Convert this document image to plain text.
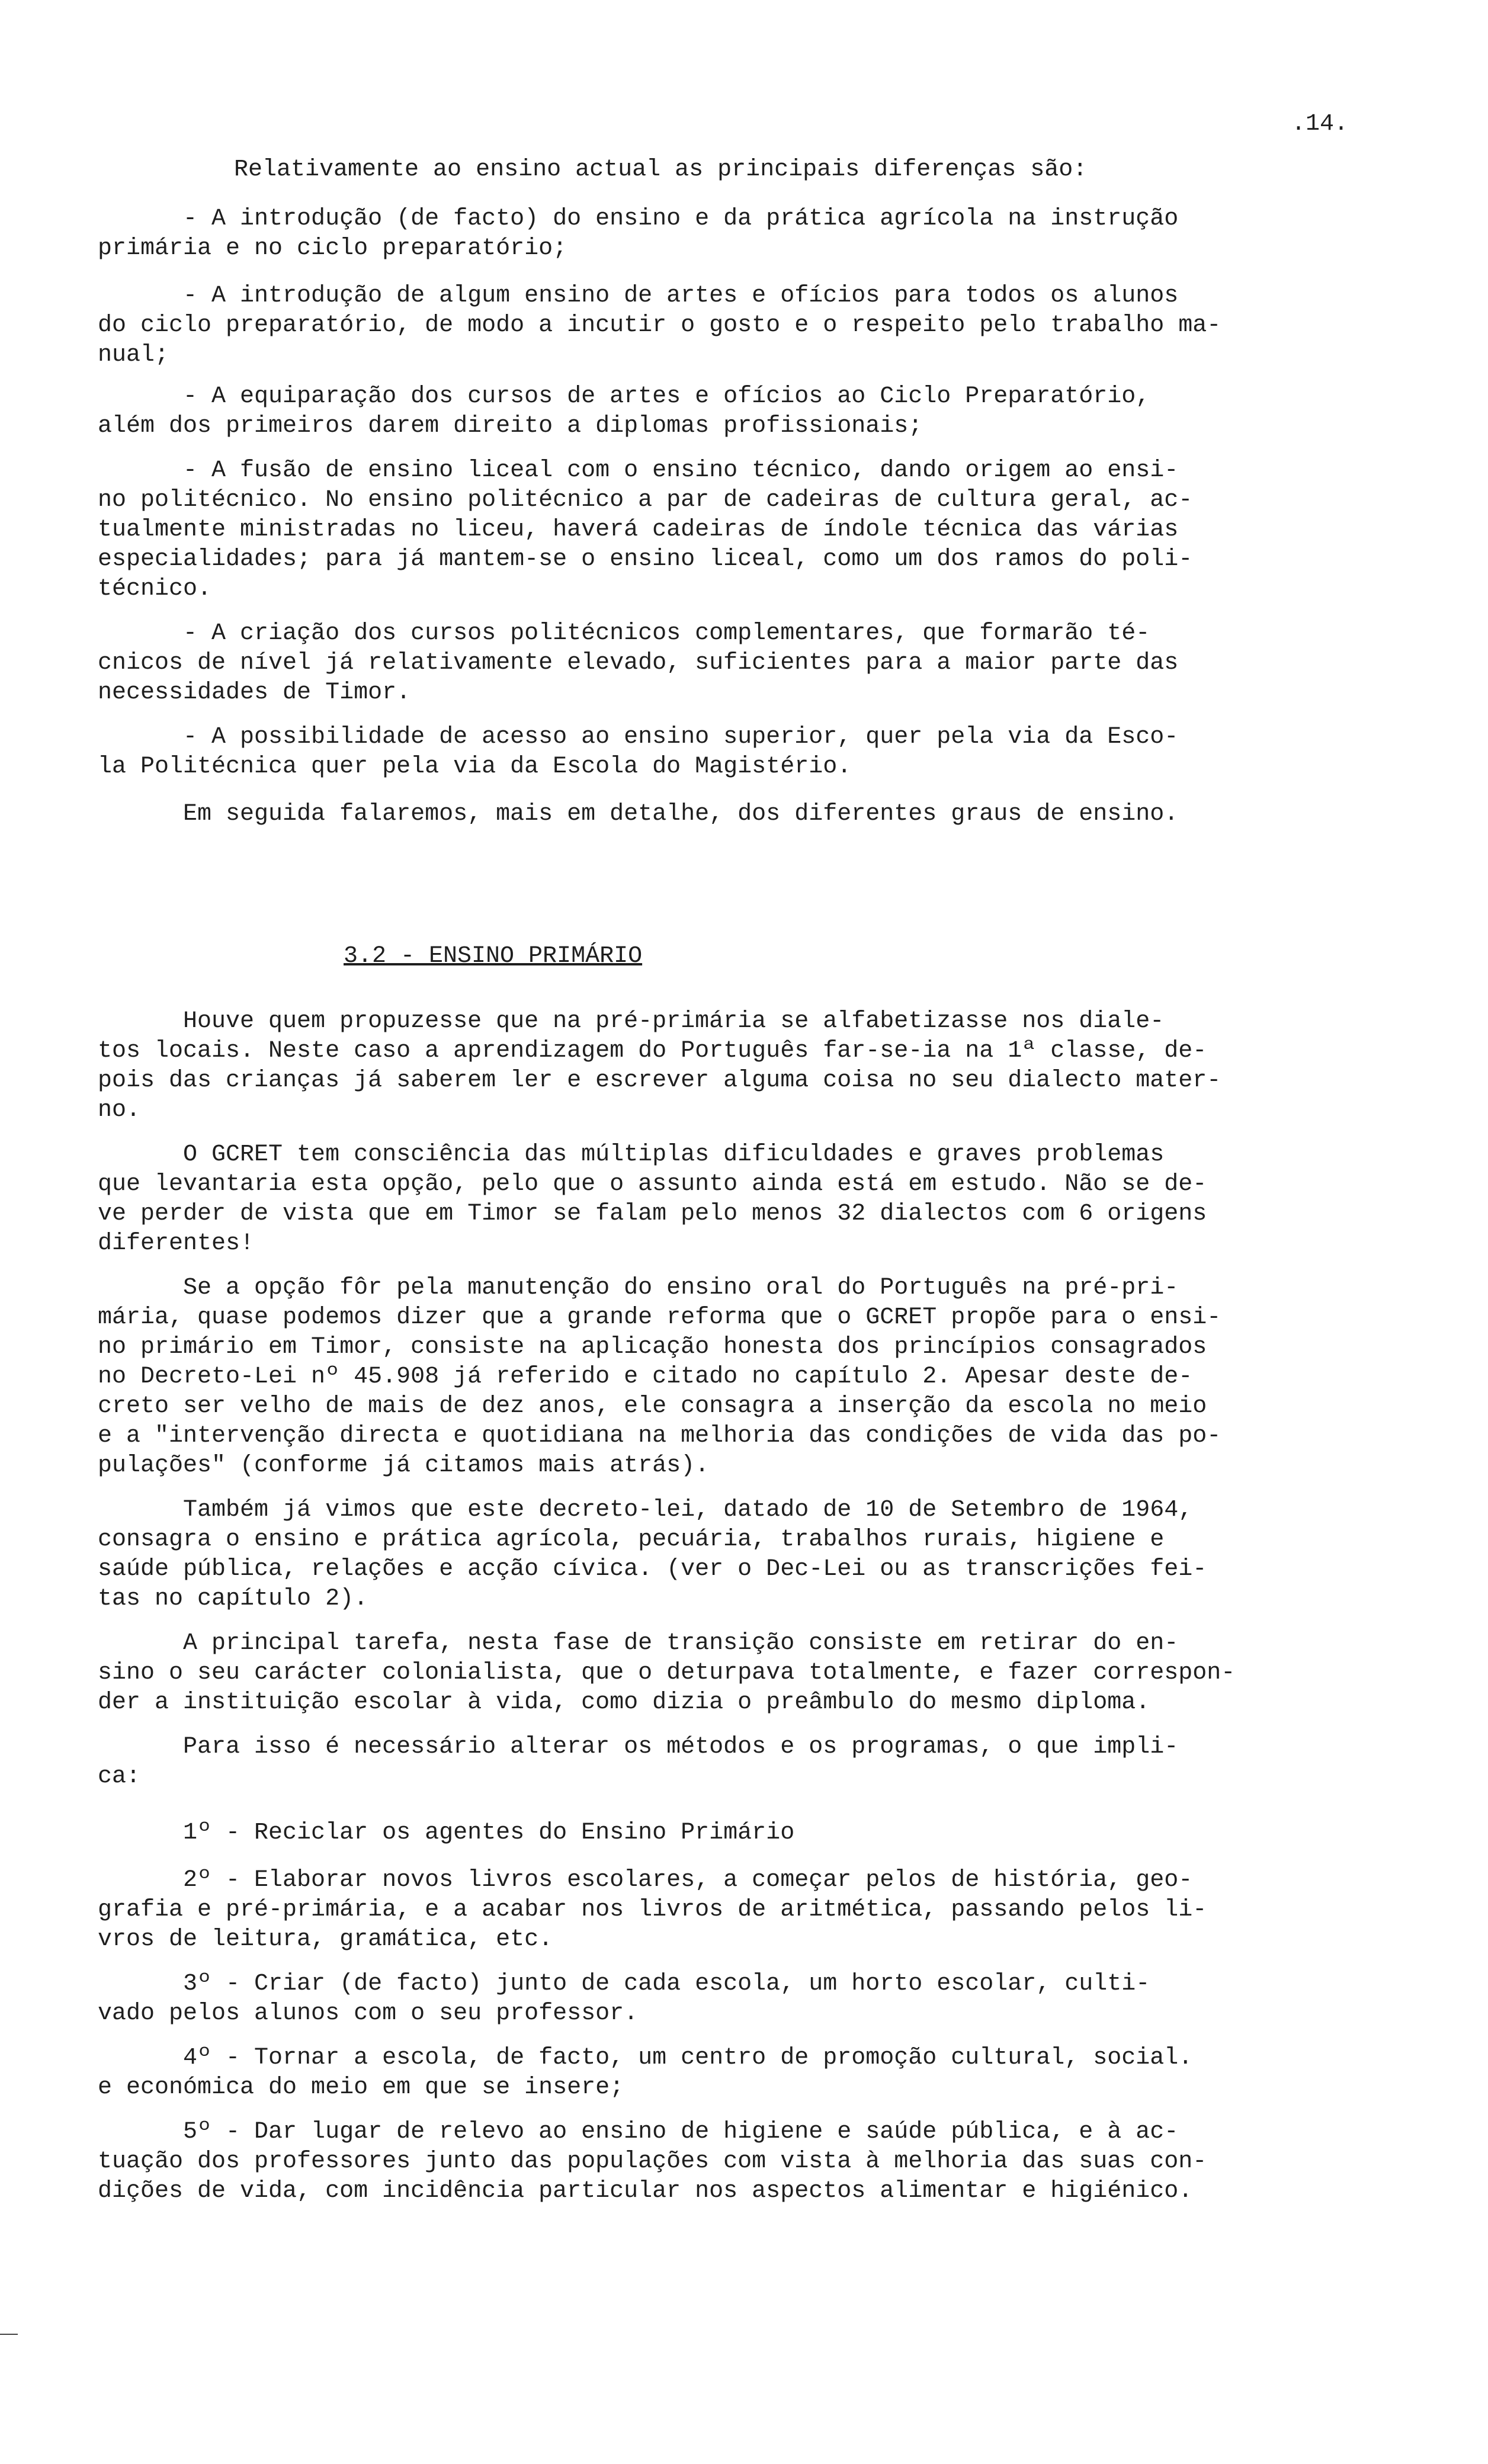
.14.
Relativamente ao ensino actual as principais diferenças são:
- A introdução (de facto) do ensino e da prática agrícola na instrução
primária e no ciclo preparatório;
- A introdução de algum ensino de artes e ofícios para todos os alunos
do ciclo preparatório, de modo a incutir o gosto e o respeito pelo trabalho ma-
nual;
- A equiparação dos cursos de artes e ofícios ao Ciclo Preparatório,
além dos primeiros darem direito a diplomas profissionais;
- A fusão de ensino liceal com o ensino técnico, dando origem ao ensi-
no politécnico. No ensino politécnico a par de cadeiras de cultura geral, ac-
tualmente ministradas no liceu, haverá cadeiras de índole técnica das várias
especialidades; para já mantem-se o ensino liceal, como um dos ramos do poli-
técnico.
- A criação dos cursos politécnicos complementares, que formarão té-
cnicos de nível já relativamente elevado, suficientes para a maior parte das
necessidades de Timor.
- A possibilidade de acesso ao ensino superior, quer pela via da Esco-
la Politécnica quer pela via da Escola do Magistério.
Em seguida falaremos, mais em detalhe, dos diferentes graus de ensino.
3.2 - ENSINO PRIMÁRIO
Houve quem propuzesse que na pré-primária se alfabetizasse nos diale-
tos locais. Neste caso a aprendizagem do Português far-se-ia na 1ª classe, de-
pois das crianças já saberem ler e escrever alguma coisa no seu dialecto mater-
no.
O GCRET tem consciência das múltiplas dificuldades e graves problemas
que levantaria esta opção, pelo que o assunto ainda está em estudo. Não se de-
ve perder de vista que em Timor se falam pelo menos 32 dialectos com 6 origens
diferentes!
Se a opção fôr pela manutenção do ensino oral do Português na pré-pri-
mária, quase podemos dizer que a grande reforma que o GCRET propõe para o ensi-
no primário em Timor, consiste na aplicação honesta dos princípios consagrados
no Decreto-Lei nº 45.908 já referido e citado no capítulo 2. Apesar deste de-
creto ser velho de mais de dez anos, ele consagra a inserção da escola no meio
e a "intervenção directa e quotidiana na melhoria das condições de vida das po-
pulações" (conforme já citamos mais atrás).
Também já vimos que este decreto-lei, datado de 10 de Setembro de 1964,
consagra o ensino e prática agrícola, pecuária, trabalhos rurais, higiene e
saúde pública, relações e acção cívica. (ver o Dec-Lei ou as transcrições fei-
tas no capítulo 2).
A principal tarefa, nesta fase de transição consiste em retirar do en-
sino o seu carácter colonialista, que o deturpava totalmente, e fazer correspon-
der a instituição escolar à vida, como dizia o preâmbulo do mesmo diploma.
Para isso é necessário alterar os métodos e os programas, o que impli-
ca:
1º - Reciclar os agentes do Ensino Primário
2º - Elaborar novos livros escolares, a começar pelos de história, geo-
grafia e pré-primária, e a acabar nos livros de aritmética, passando pelos li-
vros de leitura, gramática, etc.
3º - Criar (de facto) junto de cada escola, um horto escolar, culti-
vado pelos alunos com o seu professor.
4º - Tornar a escola, de facto, um centro de promoção cultural, social.
e económica do meio em que se insere;
5º - Dar lugar de relevo ao ensino de higiene e saúde pública, e à ac-
tuação dos professores junto das populações com vista à melhoria das suas con-
dições de vida, com incidência particular nos aspectos alimentar e higiénico.
